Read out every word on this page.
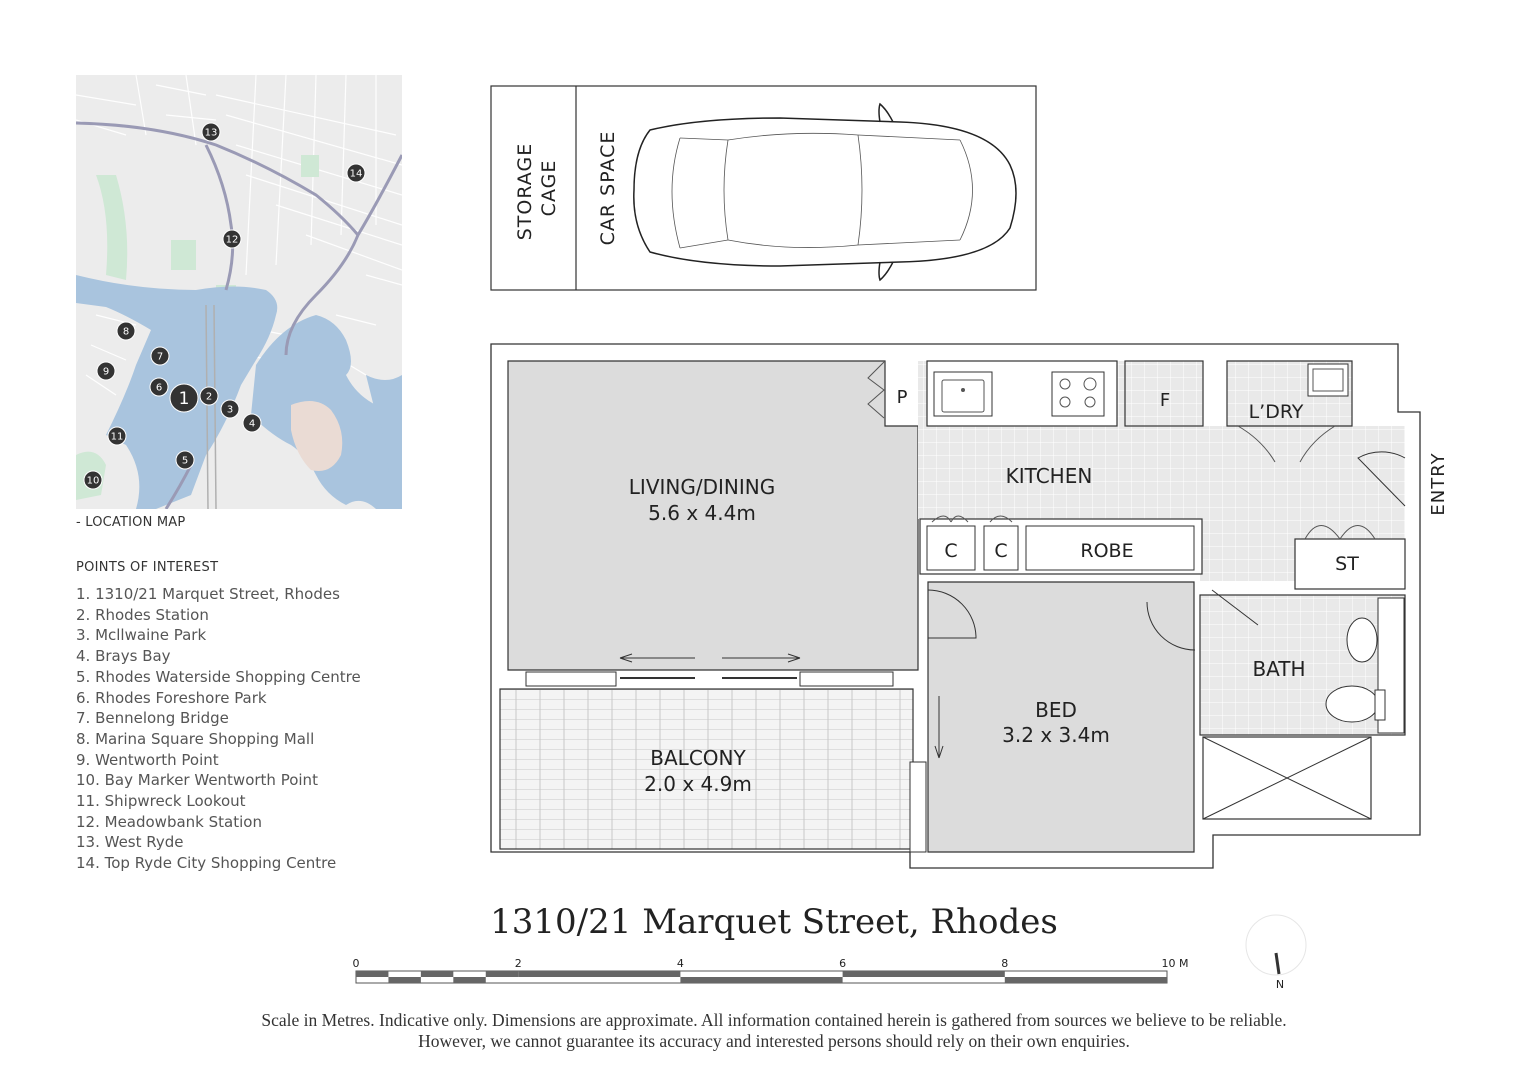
13
14
12
8
7
9
6
1 2
3
4
11
5
10
- LOCATION MAP
POINTS OF INTEREST
1. 1310/21 Marquet Street, Rhodes
2. Rhodes Station
3. Mcllwaine Park
4. Brays Bay
5. Rhodes Waterside Shopping Centre
6. Rhodes Foreshore Park
7. Bennelong Bridge
8. Marina Square Shopping Mall
9. Wentworth Point
10. Bay Marker Wentworth Point
11. Shipwreck Lookout
12. Meadowbank Station
13. West Ryde
14. Top Ryde City Shopping Centre
STORAGE CAGE CAR SPACE
LIVING/DINING
5.6 x 4.4m
KITCHEN
F
P
L’DRY
C C	ROBE
ST
BATH
BED
3.2 x 3.4m
BALCONY
2.0 x 4.9m
ENTRY
0	2	4	6	8	10 M
N
1310/21 Marquet Street, Rhodes
Scale in Metres. Indicative only. Dimensions are approximate. All information contained herein is gathered from sources we believe to be reliable.
However, we cannot guarantee its accuracy and interested persons should rely on their own enquiries.
